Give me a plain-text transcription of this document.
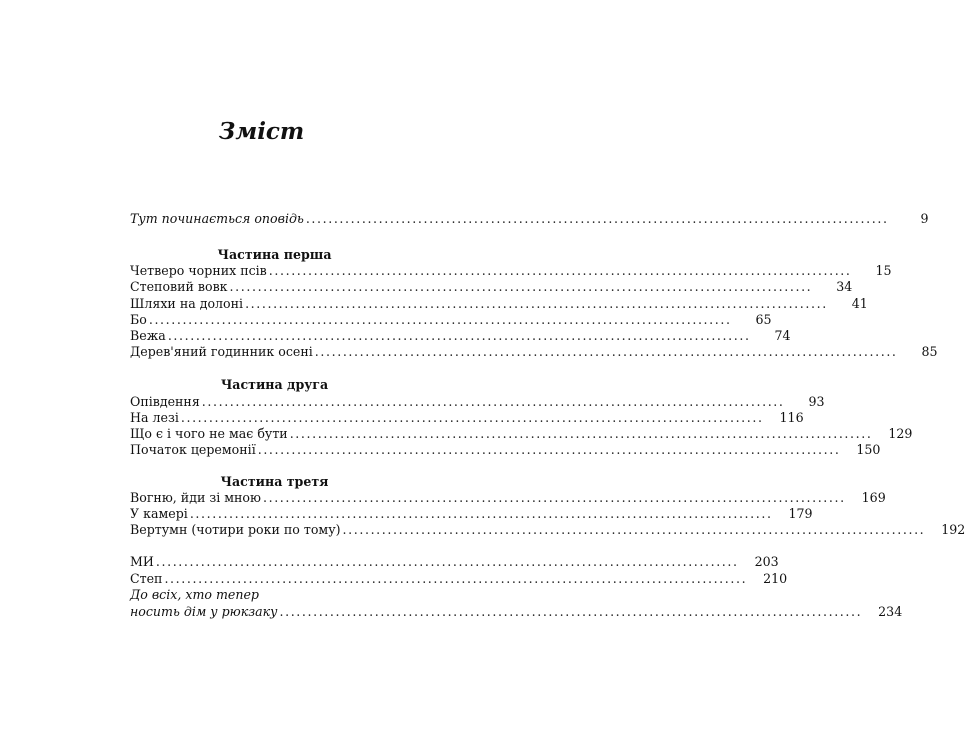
Зміст
Тут починається оповідь ........................................................................................................	9
Частина перша
Четверо чорних псів ........................................................................................................	15
Степовий вовк ........................................................................................................	34
Шляхи на долоні ........................................................................................................	41
Бо ........................................................................................................	65
Вежа ........................................................................................................	74
Дерев'яний годинник осені ........................................................................................................	85
Частина друга
Опівдення ........................................................................................................	93
На лезі ........................................................................................................	116
Що є і чого не має бути ........................................................................................................	129
Початок церемонії ........................................................................................................	150
Частина третя
Вогню, йди зі мною ........................................................................................................	169
У камері ........................................................................................................	179
Вертумн (чотири роки по тому) ........................................................................................................	192
МИ ........................................................................................................	203
Степ ........................................................................................................	210
До всіх, хто тепер
носить дім у рюкзаку ........................................................................................................	234
